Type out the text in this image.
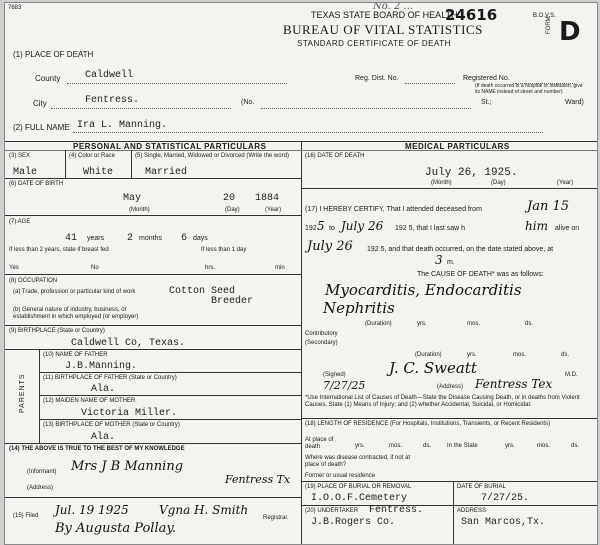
7683	No. 2 ...
TEXAS STATE BOARD OF HEALTH
24616
BUREAU OF VITAL STATISTICS
STANDARD CERTIFICATE OF DEATH
B.O.V.S.
FORM D
(1) PLACE OF DEATH
County Caldwell	Reg. Dist. No.	Registered No.
City	Fentress.	(No.	St.;	Ward)
(If death occurred in a hospital or institution, give its NAME instead of street and number)
(2) FULL NAME Ira L. Manning.
PERSONAL AND STATISTICAL PARTICULARS	MEDICAL PARTICULARS
(3) SEX
Male
(4) Color or Race
White
(5) Single, Married, Widowed or Divorced (Write the word)
Married
(6) DATE OF BIRTH
May	20 1884
(Month)	(Day)	(Year)
(7) AGE
41 years 2 months 6 days
If less than 2 years, state if breast fed	If less than 1 day
Yes	No	hrs.	min
(8) OCCUPATION
(a) Trade, profession or particular kind of work	Cotton Seed
Breeder
(b) General nature of industry, business, or establishment in which employed (or employer)
(9) BIRTHPLACE (State or Country)
Caldwell Co, Texas.
PARENTS
(10) NAME OF FATHER
J.B.Manning.
(11) BIRTHPLACE OF FATHER (State or Country)
Ala.
(12) MAIDEN NAME OF MOTHER
Victoria Miller.
(13) BIRTHPLACE OF MOTHER (State or Country)
Ala.
(14) THE ABOVE IS TRUE TO THE BEST OF MY KNOWLEDGE
(Informant) Mrs J B Manning
(Address)
Fentress Tx
(15) Filed Jul. 19 1925	Vgna H. Smith
Registrar.
By Augusta Pollay.
(16) DATE OF DEATH
July 26, 1925.
(Month)	(Day)	(Year)
(17) I HEREBY CERTIFY, That I attended deceased from	Jan 15
192 5 to July 26 192 5, that I last saw h	him alive on
July 26 192 5, and that death occurred, on the date stated above, at
3 m.
The CAUSE OF DEATH* was as follows:
Myocarditis, Endocarditis
Nephritis
(Duration)	yrs.	mos.	ds.
Contributory
(Secondary)
(Duration)	yrs.	mos.	ds.
(Signed)	J. C. Sweatt	M.D.
7/27/25	(Address) Fentress Tex
*Use International List of Causes of Death—State the Disease Causing Death, or in deaths from Violent Causes, State (1) Means of Injury; and (2) whether Accidental, Suicidal, or Homicidal.
(18) LENGTH OF RESIDENCE (For Hospitals, Institutions, Transients, or Recent Residents)
At place of death	yrs.	mos.	ds.	In the State	yrs.	mos.	ds.
Where was disease contracted, if not at place of death?
Former or usual residence
(19) PLACE OF BURIAL OR REMOVAL
I.O.O.F.Cemetery
DATE OF BURIAL
7/27/25.
(20) UNDERTAKER Fentress.
J.B.Rogers Co.
ADDRESS
San Marcos,Tx.
